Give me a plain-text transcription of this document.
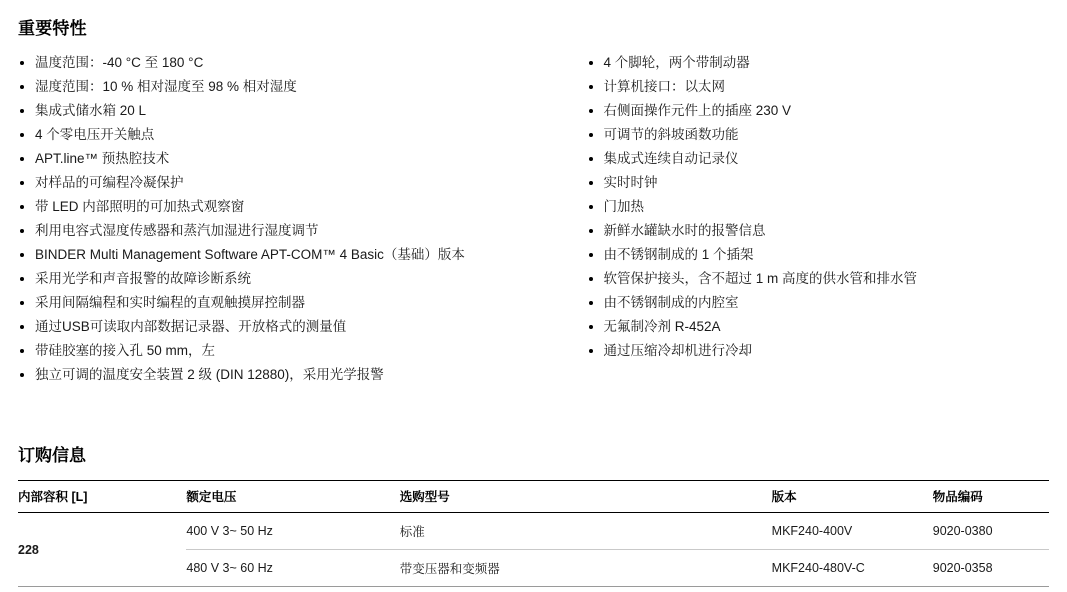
重要特性
温度范围：-40 °C 至 180 °C
湿度范围：10 % 相对湿度至 98 % 相对湿度
集成式储水箱 20 L
4 个零电压开关触点
APT.line™ 预热腔技术
对样品的可编程冷凝保护
带 LED 内部照明的可加热式观察窗
利用电容式湿度传感器和蒸汽加湿进行湿度调节
BINDER Multi Management Software APT-COM™ 4 Basic（基础）版本
采用光学和声音报警的故障诊断系统
采用间隔编程和实时编程的直观触摸屏控制器
通过USB可读取内部数据记录器、开放格式的测量值
带硅胶塞的接入孔 50 mm，左
独立可调的温度安全装置 2 级 (DIN 12880)，采用光学报警
4 个脚轮，两个带制动器
计算机接口：以太网
右侧面操作元件上的插座 230 V
可调节的斜坡函数功能
集成式连续自动记录仪
实时时钟
门加热
新鲜水罐缺水时的报警信息
由不锈钢制成的 1 个插架
软管保护接头，含不超过 1 m 高度的供水管和排水管
由不锈钢制成的内腔室
无氟制冷剂 R-452A
通过压缩冷却机进行冷却
订购信息
内部容积 [L]	额定电压	选购型号	版本	物品编码
228	400 V 3~ 50 Hz	标准	MKF240-400V	9020-0380
	480 V 3~ 60 Hz	带变压器和变频器	MKF240-480V-C	9020-0358
